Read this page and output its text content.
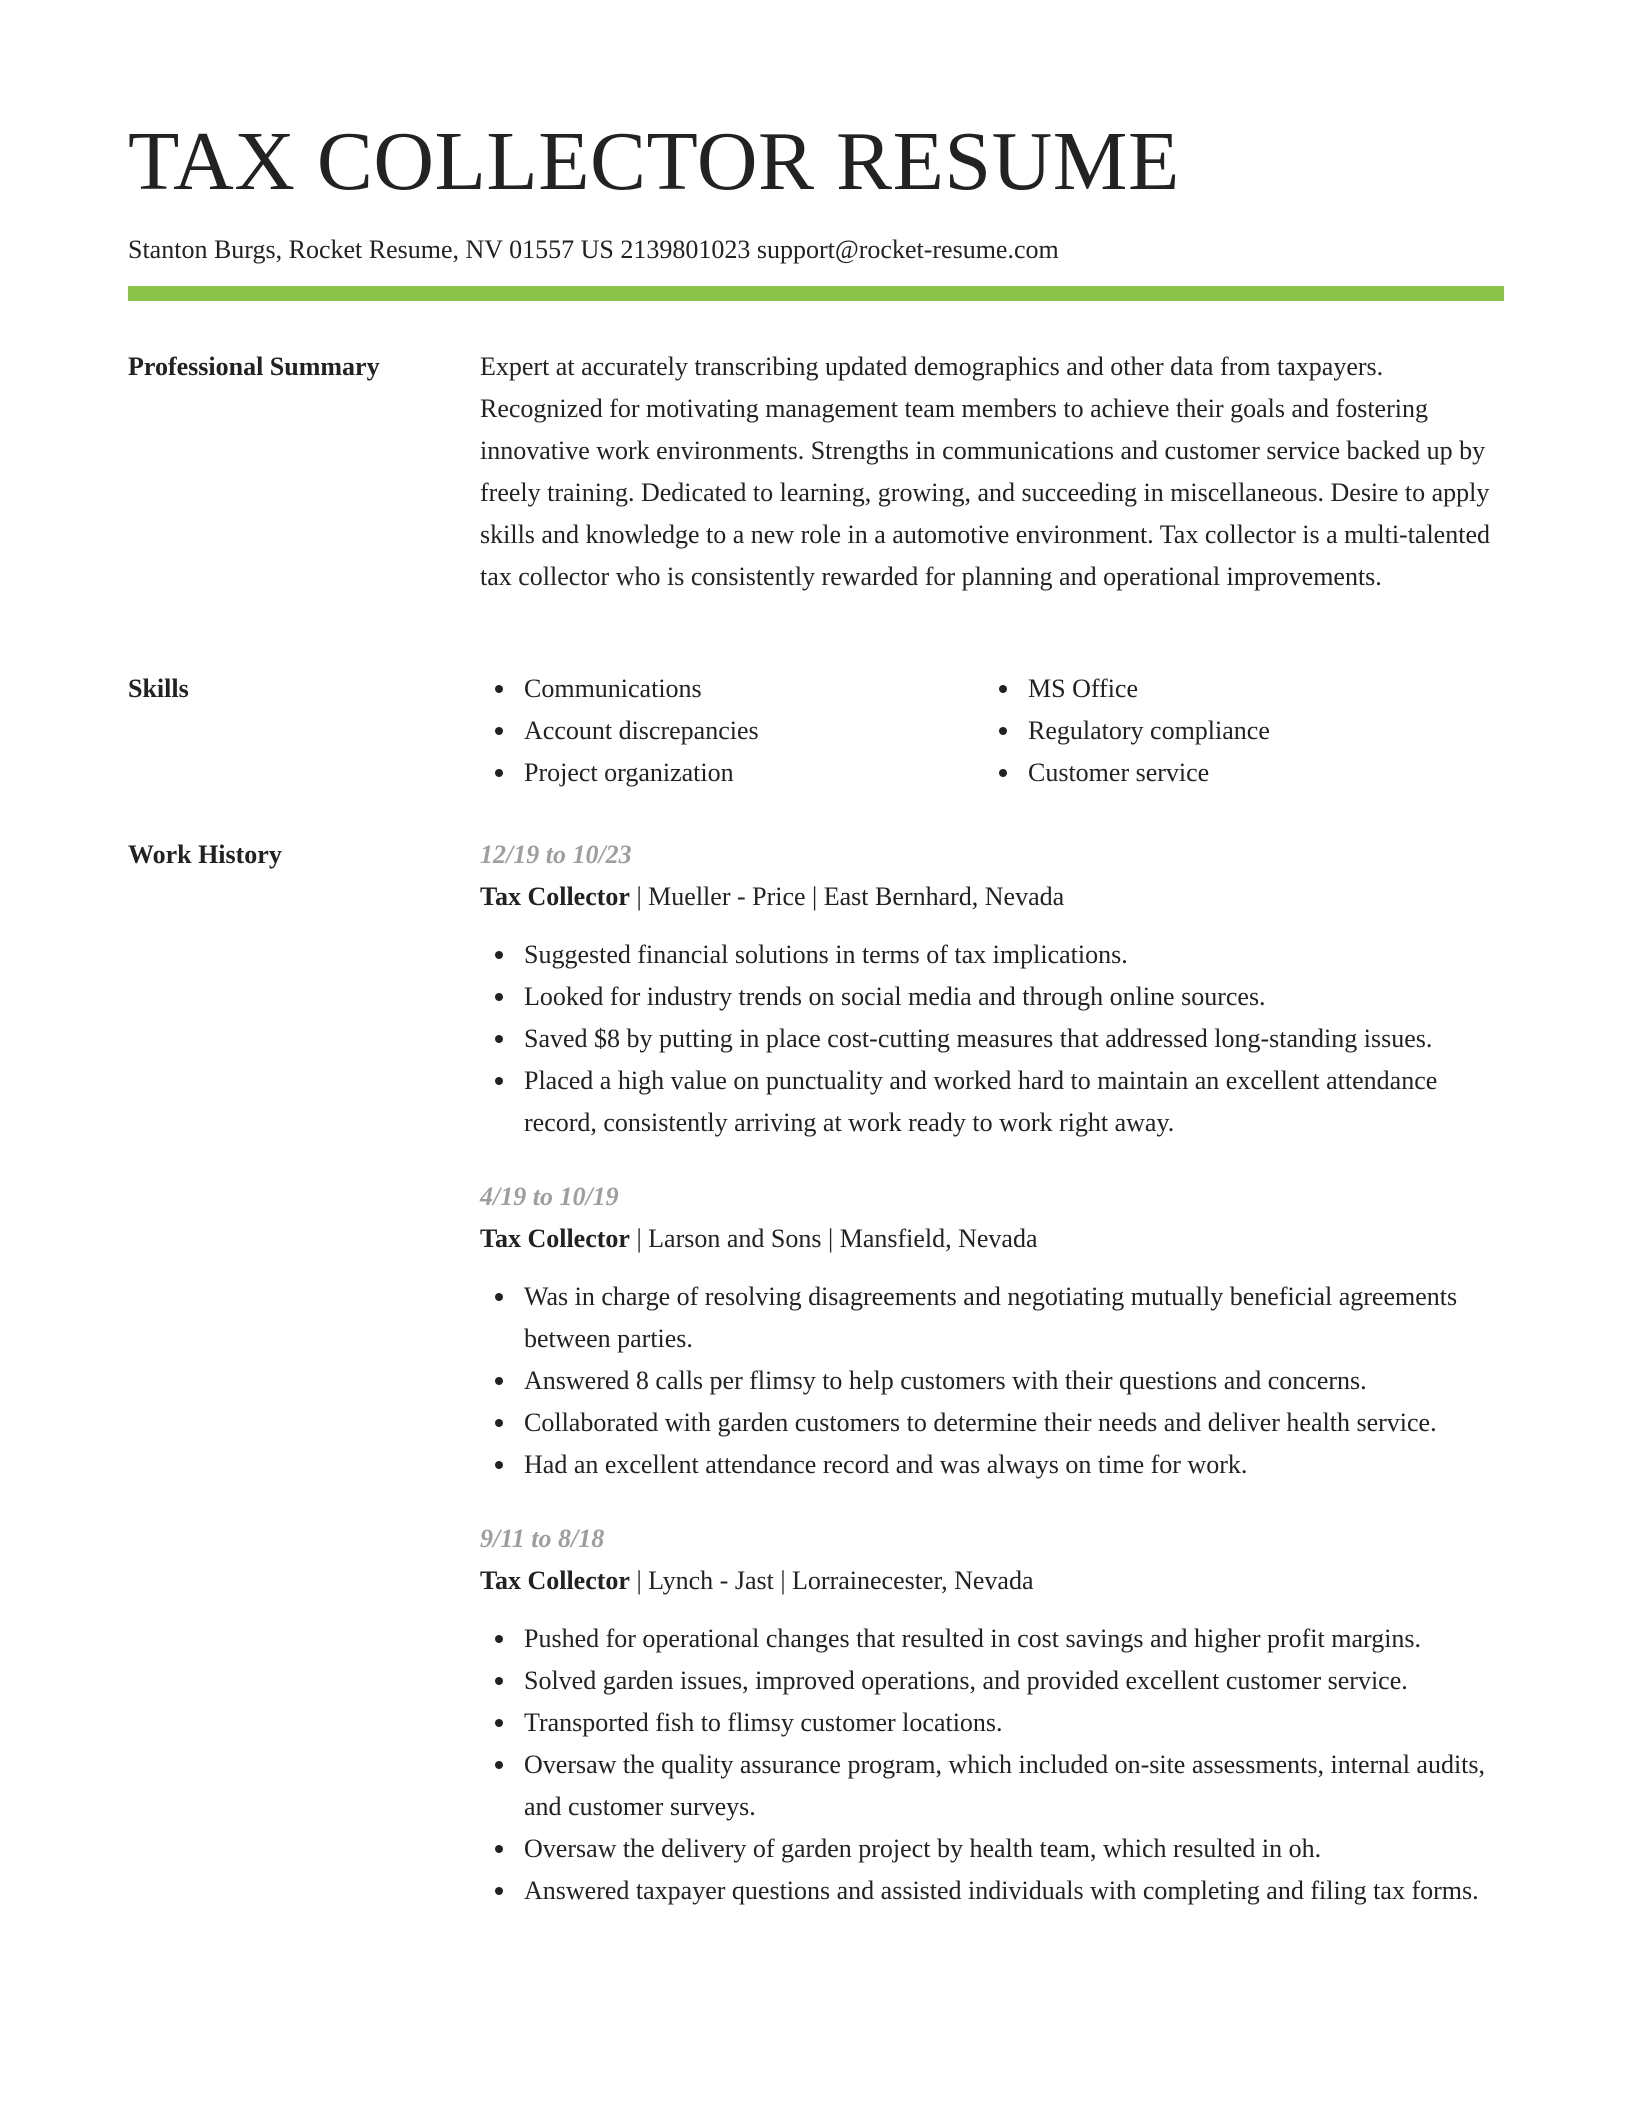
TAX COLLECTOR RESUME
Stanton Burgs, Rocket Resume, NV 01557 US 2139801023 support@rocket-resume.com
Professional Summary	Expert at accurately transcribing updated demographics and other data from taxpayers. Recognized for motivating management team members to achieve their goals and fostering innovative work environments. Strengths in communications and customer service backed up by freely training. Dedicated to learning, growing, and succeeding in miscellaneous. Desire to apply skills and knowledge to a new role in a automotive environment. Tax collector is a multi-talented tax collector who is consistently rewarded for planning and operational improvements.

Skills	Communications
Account discrepancies
Project organization
MS Office
Regulatory compliance
Customer service
Work History	12/19 to 10/23
Tax Collector | Mueller - Price | East Bernhard, Nevada
Suggested financial solutions in terms of tax implications.
Looked for industry trends on social media and through online sources.
Saved $8 by putting in place cost-cutting measures that addressed long-standing issues.
Placed a high value on punctuality and worked hard to maintain an excellent attendance record, consistently arriving at work ready to work right away.
4/19 to 10/19
Tax Collector | Larson and Sons | Mansfield, Nevada
Was in charge of resolving disagreements and negotiating mutually beneficial agreements between parties.
Answered 8 calls per flimsy to help customers with their questions and concerns.
Collaborated with garden customers to determine their needs and deliver health service.
Had an excellent attendance record and was always on time for work.
9/11 to 8/18
Tax Collector | Lynch - Jast | Lorrainecester, Nevada
Pushed for operational changes that resulted in cost savings and higher profit margins.
Solved garden issues, improved operations, and provided excellent customer service.
Transported fish to flimsy customer locations.
Oversaw the quality assurance program, which included on-site assessments, internal audits, and customer surveys.
Oversaw the delivery of garden project by health team, which resulted in oh.
Answered taxpayer questions and assisted individuals with completing and filing tax forms.
